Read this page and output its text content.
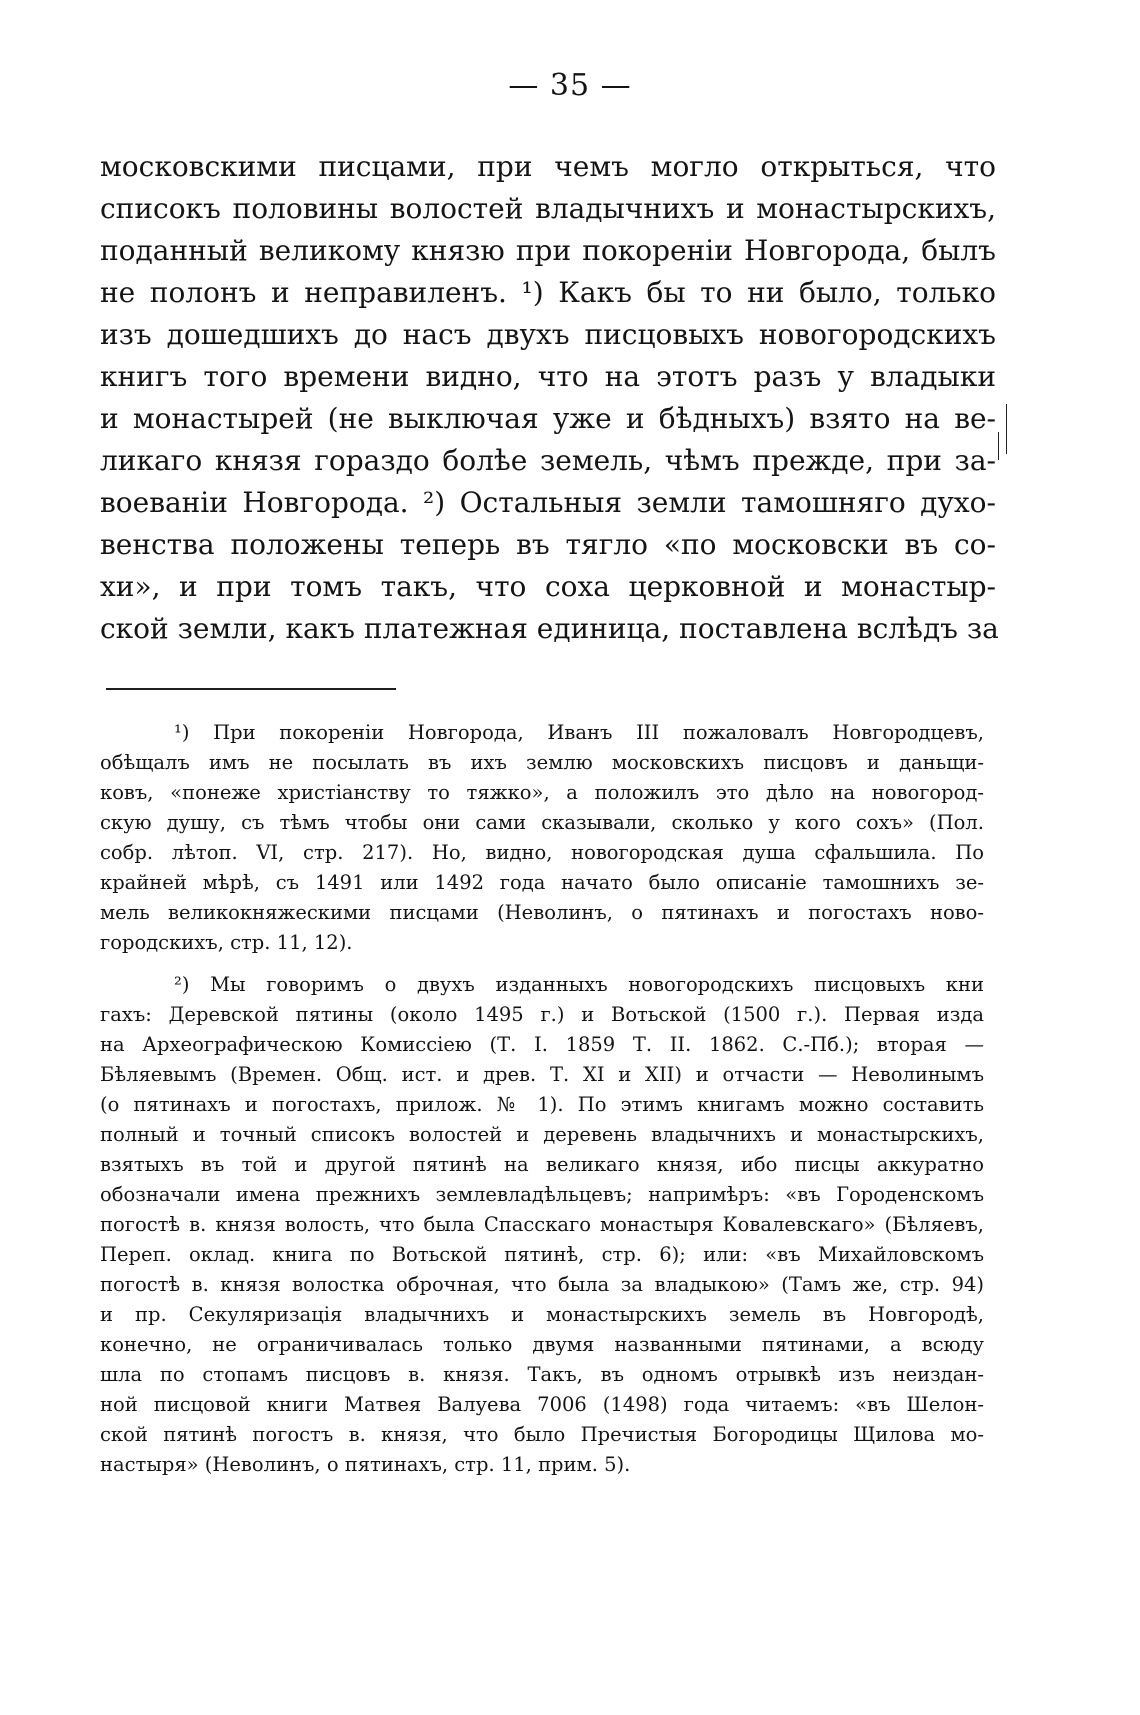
— 35 —
московскими писцами, при чемъ могло открыться, что
списокъ половины волостей владычнихъ и монастырскихъ,
поданный великому князю при покореніи Новгорода, былъ
не полонъ и неправиленъ. ¹) Какъ бы то ни было, только
изъ дошедшихъ до насъ двухъ писцовыхъ новогородскихъ
книгъ того времени видно, что на этотъ разъ у владыки
и монастырей (не выключая уже и бѣдныхъ) взято на ве-
ликаго князя гораздо болѣе земель, чѣмъ прежде, при за-
воеваніи Новгорода. ²) Остальныя земли тамошняго духо-
венства положены теперь въ тягло «по московски въ со-
хи», и при томъ такъ, что соха церковной и монастыр-
ской земли, какъ платежная единица, поставлена вслѣдъ за
¹) При покореніи Новгорода, Иванъ III пожаловалъ Новгородцевъ,
обѣщалъ имъ не посылать въ ихъ землю московскихъ писцовъ и даньщи-
ковъ, «понеже христіанству то тяжко», а положилъ это дѣло на новогород-
скую душу, съ тѣмъ чтобы они сами сказывали, сколько у кого сохъ» (Пол.
собр. лѣтоп. VI, стр. 217). Но, видно, новогородская душа сфальшила. По
крайней мѣрѣ, съ 1491 или 1492 года начато было описаніе тамошнихъ зе-
мель великокняжескими писцами (Неволинъ, о пятинахъ и погостахъ ново-
городскихъ, стр. 11, 12).
²) Мы говоримъ о двухъ изданныхъ новогородскихъ писцовыхъ кни
гахъ: Деревской пятины (около 1495 г.) и Вотьской (1500 г.). Первая изда
на Археографическою Комиссіею (Т. I. 1859 Т. II. 1862. С.-Пб.); вторая —
Бѣляевымъ (Времен. Общ. ист. и древ. Т. XI и XII) и отчасти — Неволинымъ
(о пятинахъ и погостахъ, прилож. № 1). По этимъ книгамъ можно составить
полный и точный списокъ волостей и деревень владычнихъ и монастырскихъ,
взятыхъ въ той и другой пятинѣ на великаго князя, ибо писцы аккуратно
обозначали имена прежнихъ землевладѣльцевъ; напримѣръ: «въ Городенскомъ
погостѣ в. князя волость, что была Спасскаго монастыря Ковалевскаго» (Бѣляевъ,
Переп. оклад. книга по Вотьской пятинѣ, стр. 6); или: «въ Михайловскомъ
погостѣ в. князя волостка оброчная, что была за владыкою» (Тамъ же, стр. 94)
и пр. Секуляризація владычнихъ и монастырскихъ земель въ Новгородѣ,
конечно, не ограничивалась только двумя названными пятинами, а всюду
шла по стопамъ писцовъ в. князя. Такъ, въ одномъ отрывкѣ изъ неиздан-
ной писцовой книги Матвея Валуева 7006 (1498) года читаемъ: «въ Шелон-
ской пятинѣ погостъ в. князя, что было Пречистыя Богородицы Щилова мо-
настыря» (Неволинъ, о пятинахъ, стр. 11, прим. 5).
